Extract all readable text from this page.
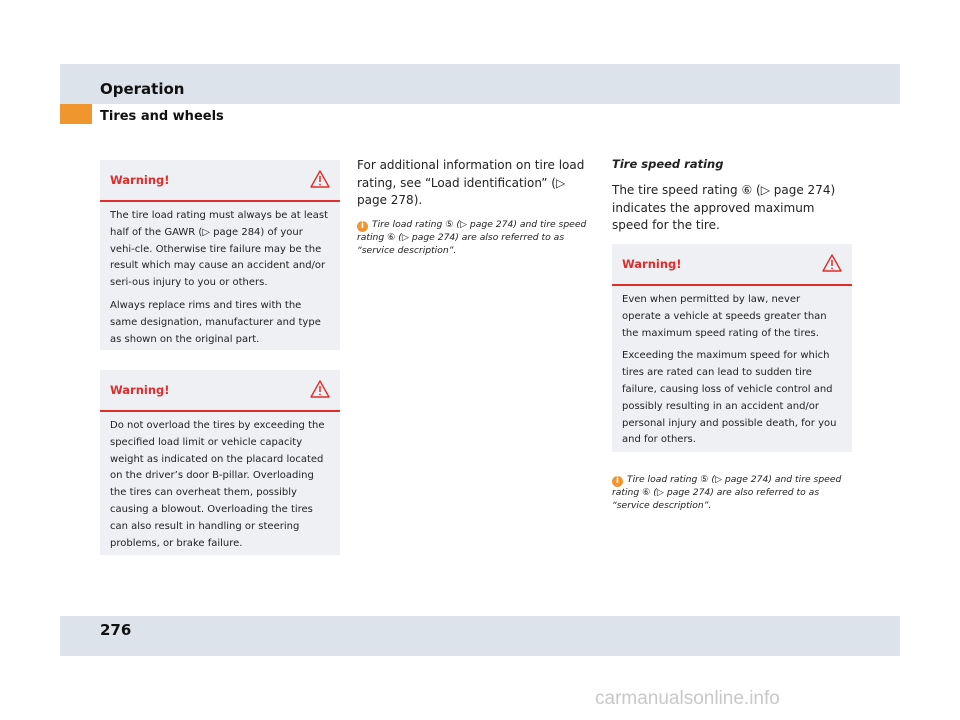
Operation
Tires and wheels
Warning!

The tire load rating must always be at least half of the GAWR (▷ page 284) of your vehi-cle. Otherwise tire failure may be the result which may cause an accident and/or seri-ous injury to you or others.

Always replace rims and tires with the same designation, manufacturer and type as shown on the original part.

Warning!

Do not overload the tires by exceeding the specified load limit or vehicle capacity weight as indicated on the placard located on the driver’s door B-pillar. Overloading the tires can overheat them, possibly causing a blowout. Overloading the tires can also result in handling or steering problems, or brake failure.

For additional information on tire load rating, see “Load identification” (▷ page 278).

i Tire load rating ⑤ (▷ page 274) and tire speed rating ⑥ (▷ page 274) are also referred to as “service description”.
Tire speed rating

The tire speed rating ⑥ (▷ page 274) indicates the approved maximum speed for the tire.

Warning!

Even when permitted by law, never operate a vehicle at speeds greater than the maximum speed rating of the tires.

Exceeding the maximum speed for which tires are rated can lead to sudden tire failure, causing loss of vehicle control and possibly resulting in an accident and/or personal injury and possible death, for you and for others.

i Tire load rating ⑤ (▷ page 274) and tire speed rating ⑥ (▷ page 274) are also referred to as “service description”.
276
carmanualsonline.info
